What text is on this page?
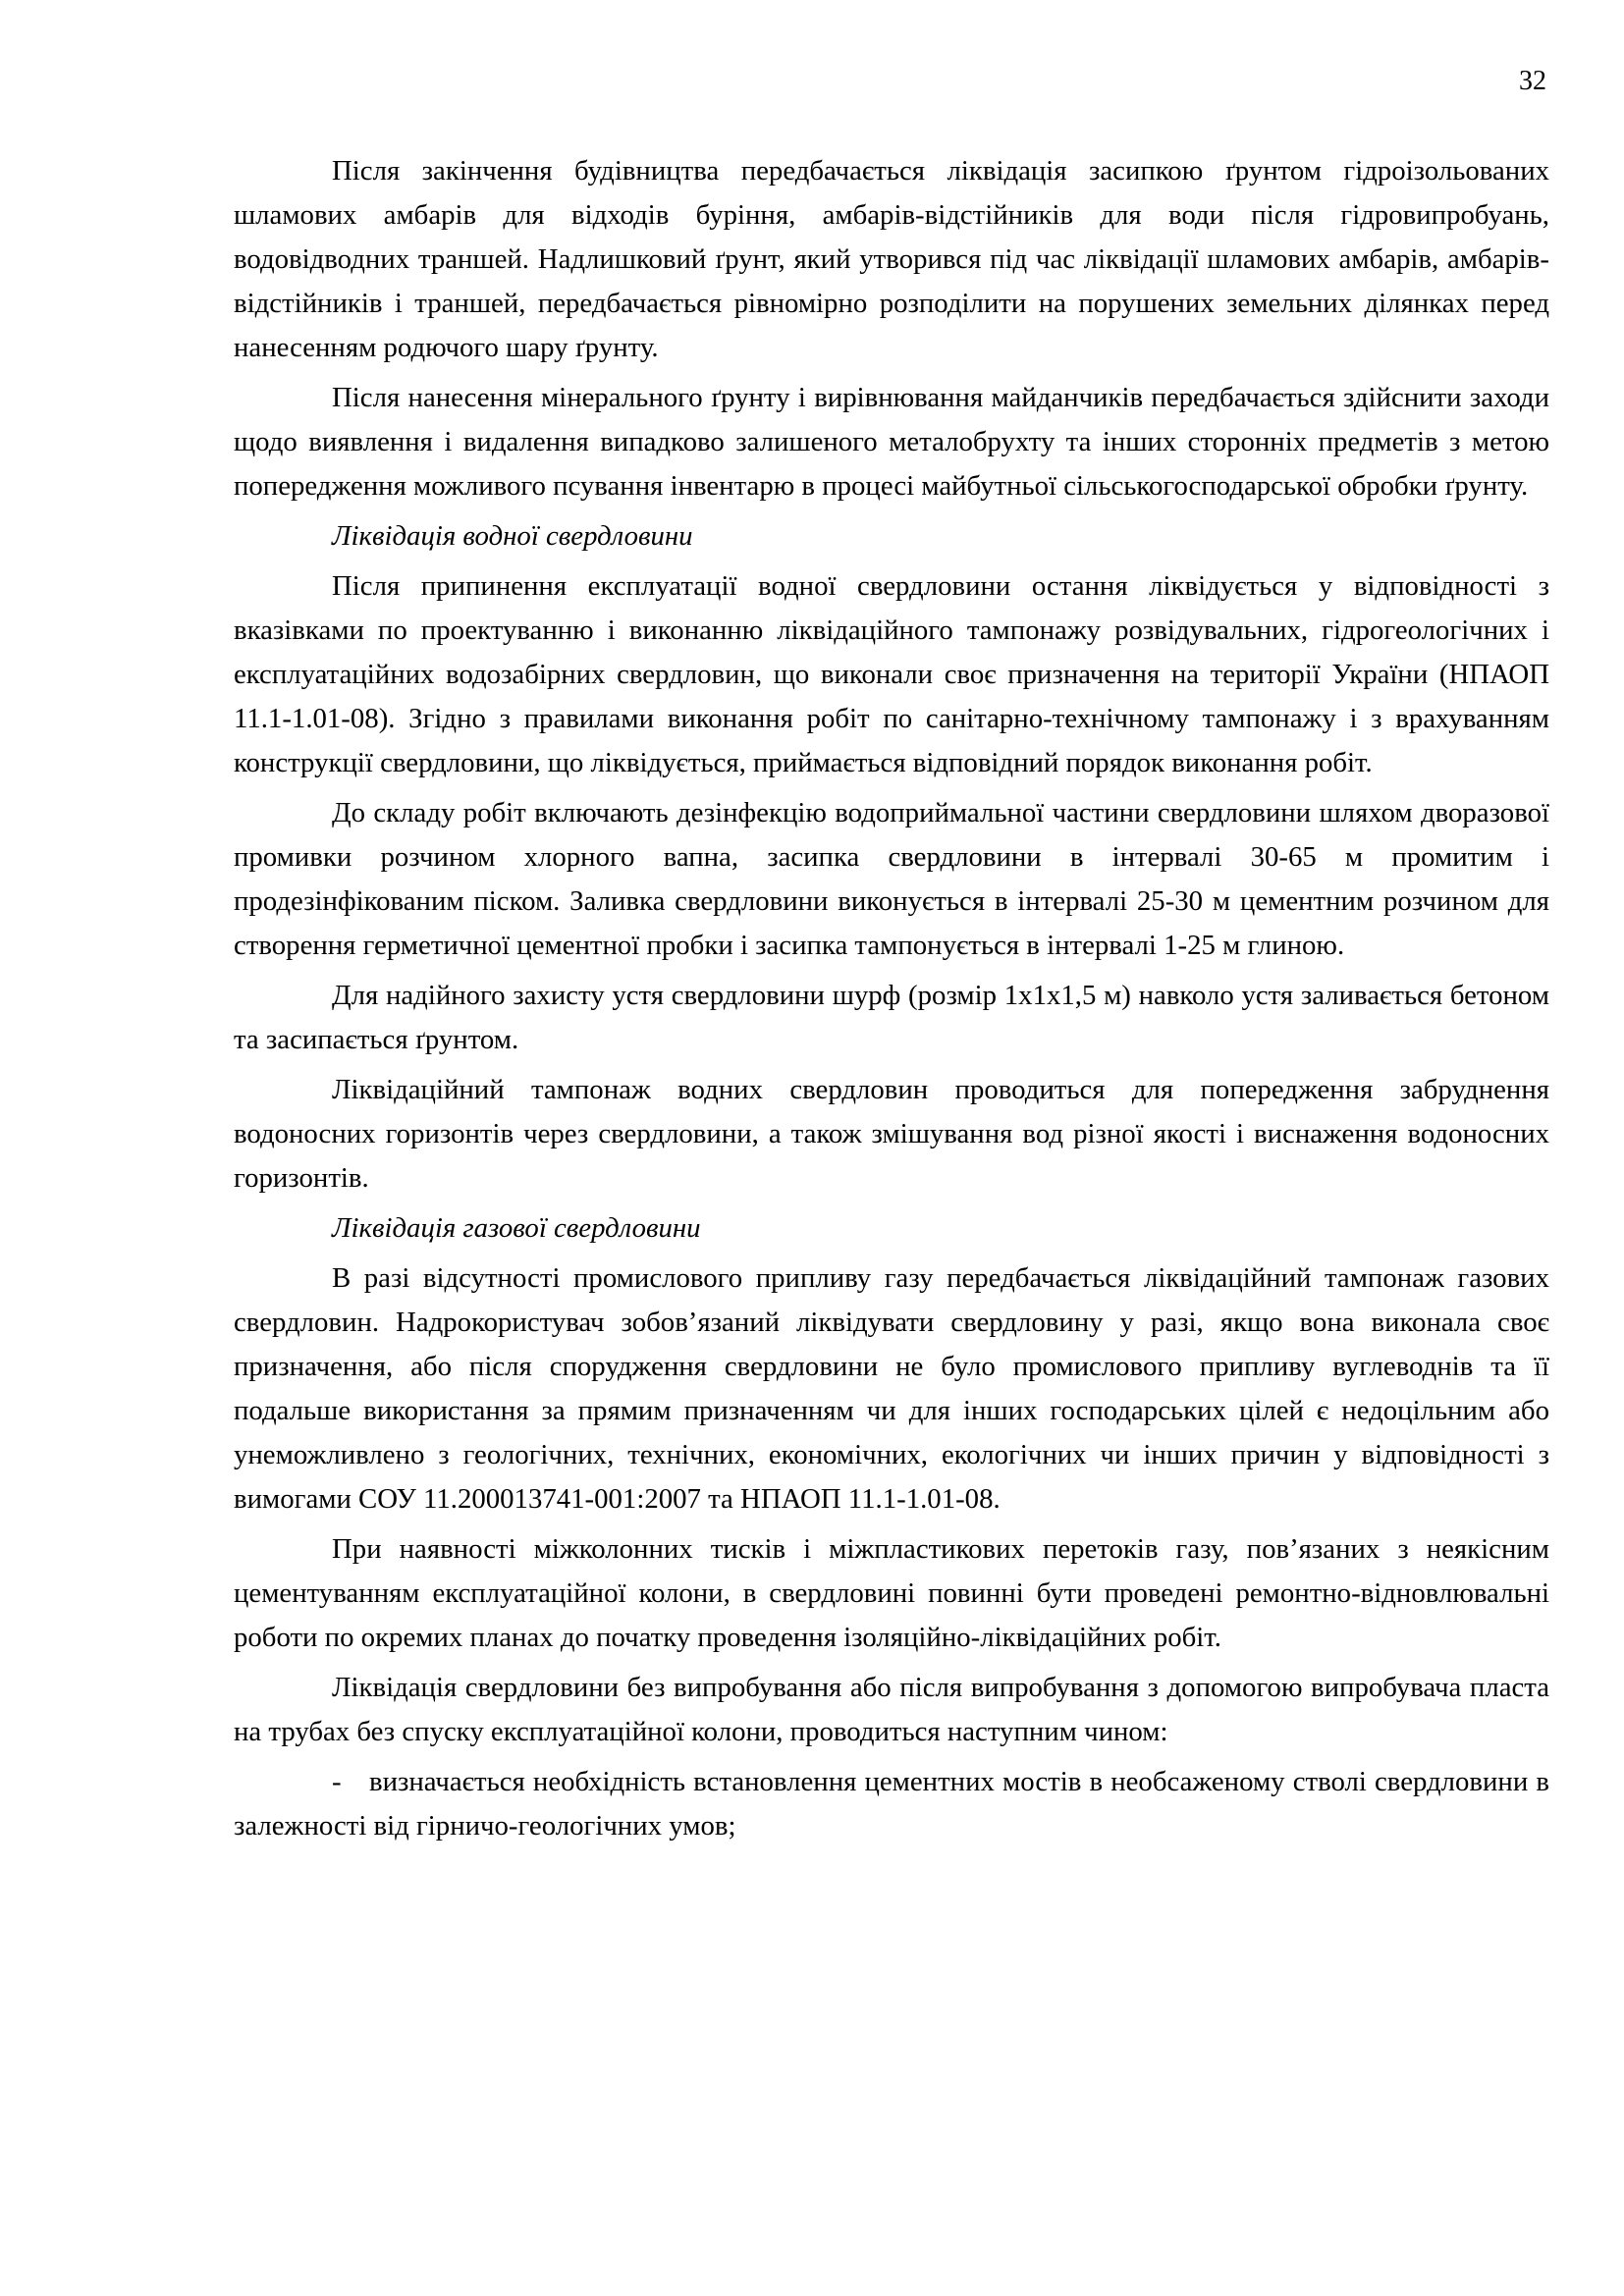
32

Після закінчення будівництва передбачається ліквідація засипкою ґрунтом гідроізольованих шламових амбарів для відходів буріння, амбарів-відстійників для води після гідровипробуань, водовідводних траншей. Надлишковий ґрунт, який утворився під час ліквідації шламових амбарів, амбарів-відстійників і траншей, передбачається рівномірно розподілити на порушених земельних ділянках перед нанесенням родючого шару ґрунту.

Після нанесення мінерального ґрунту і вирівнювання майданчиків передбачається здійснити заходи щодо виявлення і видалення випадково залишеного металобрухту та інших сторонніх предметів з метою попередження можливого псування інвентарю в процесі майбутньої сільськогосподарської обробки ґрунту.

Ліквідація водної свердловини

Після припинення експлуатації водної свердловини остання ліквідується у відповідності з вказівками по проектуванню і виконанню ліквідаційного тампонажу розвідувальних, гідрогеологічних і експлуатаційних водозабірних свердловин, що виконали своє призначення на території України (НПАОП 11.1-1.01-08). Згідно з правилами виконання робіт по санітарно-технічному тампонажу і з врахуванням конструкції свердловини, що ліквідується, приймається відповідний порядок виконання робіт.

До складу робіт включають дезінфекцію водоприймальної частини свердловини шляхом дворазової промивки розчином хлорного вапна, засипка свердловини в інтервалі 30-65 м промитим і продезінфікованим піском. Заливка свердловини виконується в інтервалі 25-30 м цементним розчином для створення герметичної цементної пробки і засипка тампонується в інтервалі 1-25 м глиною.

Для надійного захисту устя свердловини шурф (розмір 1х1х1,5 м) навколо устя заливається бетоном та засипається ґрунтом.

Ліквідаційний тампонаж водних свердловин проводиться для попередження забруднення водоносних горизонтів через свердловини, а також змішування вод різної якості і виснаження водоносних горизонтів.

Ліквідація газової свердловини

В разі відсутності промислового припливу газу передбачається ліквідаційний тампонаж газових свердловин. Надрокористувач зобов’язаний ліквідувати свердловину у разі, якщо вона виконала своє призначення, або після спорудження свердловини не було промислового припливу вуглеводнів та її подальше використання за прямим призначенням чи для інших господарських цілей є недоцільним або унеможливлено з геологічних, технічних, економічних, екологічних чи інших причин у відповідності з вимогами СОУ 11.200013741-001:2007 та НПАОП 11.1-1.01-08.

При наявності міжколонних тисків і міжпластикових перетоків газу, пов’язаних з неякісним цементуванням експлуатаційної колони, в свердловині повинні бути проведені ремонтно-відновлювальні роботи по окремих планах до початку проведення ізоляційно-ліквідаційних робіт.

Ліквідація свердловини без випробування або після випробування з допомогою випробувача пласта на трубах без спуску експлуатаційної колони, проводиться наступним чином:

- визначається необхідність встановлення цементних мостів в необсаженому стволі свердловини в залежності від гірничо-геологічних умов;
